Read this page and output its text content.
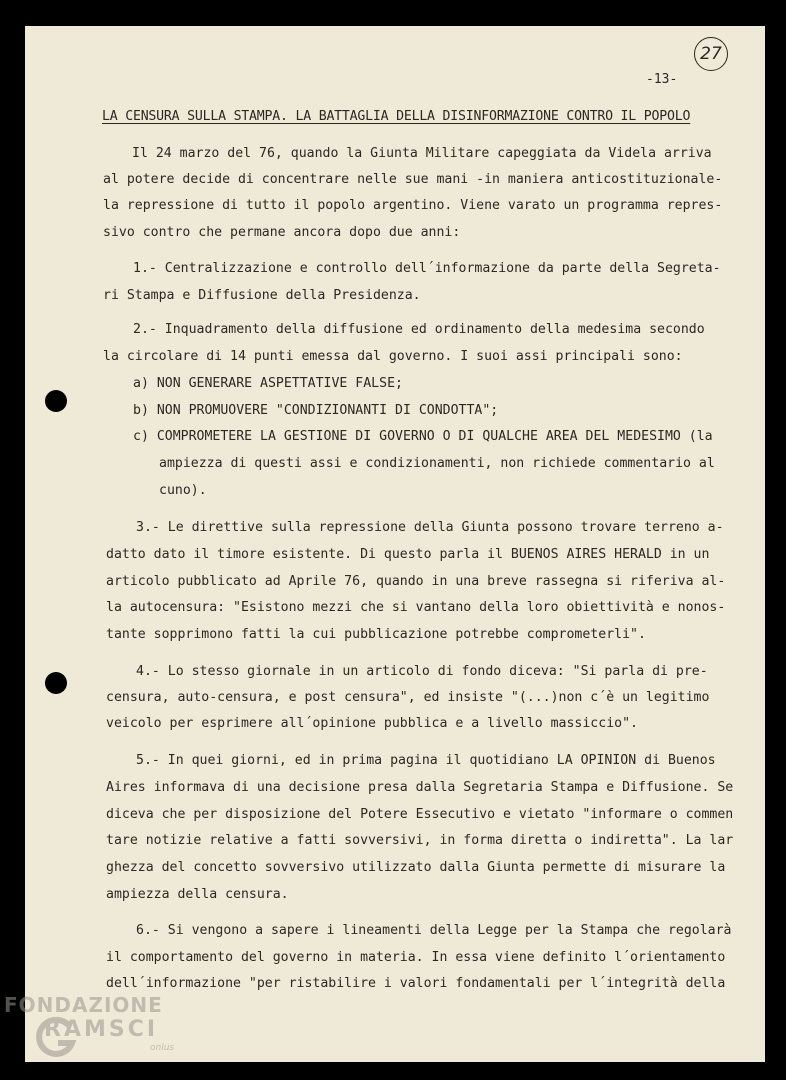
27
-13-
LA CENSURA SULLA STAMPA. LA BATTAGLIA DELLA DISINFORMAZIONE CONTRO IL POPOLO
Il 24 marzo del 76, quando la Giunta Militare capeggiata da Videla arriva
al potere decide di concentrare nelle sue mani -in maniera anticostituzionale-
la repressione di tutto il popolo argentino. Viene varato un programma repres-
sivo contro che permane ancora dopo due anni:
1.- Centralizzazione e controllo dell´informazione da parte della Segreta-
ri Stampa e Diffusione della Presidenza.
2.- Inquadramento della diffusione ed ordinamento della medesima secondo
la circolare di 14 punti emessa dal governo. I suoi assi principali sono:
a) NON GENERARE ASPETTATIVE FALSE;
b) NON PROMUOVERE "CONDIZIONANTI DI CONDOTTA";
c) COMPROMETERE LA GESTIONE DI GOVERNO O DI QUALCHE AREA DEL MEDESIMO (la
ampiezza di questi assi e condizionamenti, non richiede commentario al
cuno).
3.- Le direttive sulla repressione della Giunta possono trovare terreno a-
datto dato il timore esistente. Di questo parla il BUENOS AIRES HERALD in un
articolo pubblicato ad Aprile 76, quando in una breve rassegna si riferiva al-
la autocensura: "Esistono mezzi che si vantano della loro obiettività e nonos-
tante sopprimono fatti la cui pubblicazione potrebbe comprometerli".
4.- Lo stesso giornale in un articolo di fondo diceva: "Si parla di pre-
censura, auto-censura, e post censura", ed insiste "(...)non c´è un legitimo
veicolo per esprimere all´opinione pubblica e a livello massiccio".
5.- In quei giorni, ed in prima pagina il quotidiano LA OPINION di Buenos
Aires informava di una decisione presa dalla Segretaria Stampa e Diffusione. Se
diceva che per disposizione del Potere Essecutivo e vietato "informare o commen
tare notizie relative a fatti sovversivi, in forma diretta o indiretta". La lar
ghezza del concetto sovversivo utilizzato dalla Giunta permette di misurare la
ampiezza della censura.
6.- Si vengono a sapere i lineamenti della Legge per la Stampa che regolarà
il comportamento del governo in materia. In essa viene definito l´orientamento
dell´informazione "per ristabilire i valori fondamentali per l´integrità della
FONDAZIONE
RAMSCI
onlus
